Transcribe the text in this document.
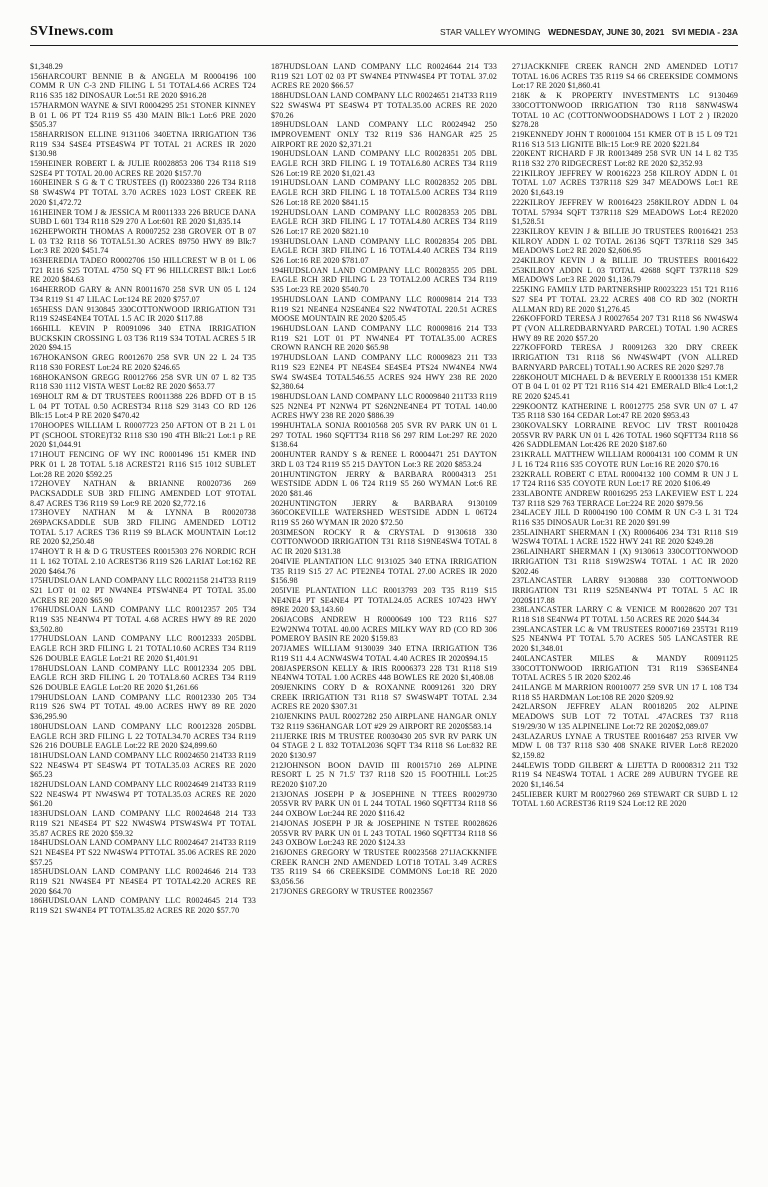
SVInews.com	STAR VALLEY WYOMING WEDNESDAY, JUNE 30, 2021 SVI MEDIA - 23A

$1,348.29

156HARCOURT BENNIE B & ANGELA M R0004196 100 COMM R UN C-3 2ND FILING L 51 TOTAL4.66 ACRES T24 R116 S35 182 DINOSAUR Lot:51 RE 2020 $916.28

157HARMON WAYNE & SIVI R0004295 251 STONER KINNEY B 01 L 06 PT T24 R119 S5 430 MAIN Blk:1 Lot:6 PRE 2020 $505.37

158HARRISON ELLINE 9131106 340ETNA IRRIGATION T36 R119 S34 S4SE4 PTSE4SW4 PT TOTAL 21 ACRES IR 2020 $130.98

159HEINER ROBERT L & JULIE R0028853 206 T34 R118 S19 S2SE4 PT TOTAL 20.00 ACRES RE 2020 $157.70

160HEINER S G & T C TRUSTEES (I) R0023380 226 T34 R118 S8 SW4SW4 PT TOTAL 3.70 ACRES 1023 LOST CREEK RE 2020 $1,472.72

161HEINER TOM J & JESSICA M R0011333 226 BRUCE DANA SUBD L 601 T34 R118 S29 270 A Lot:601 RE 2020 $1,835.14

162HEPWORTH THOMAS A R0007252 238 GROVER OT B 07 L 03 T32 R118 S6 TOTAL51.30 ACRES 89750 HWY 89 Blk:7 Lot:3 RE 2020 $451.74

163HEREDIA TADEO R0002706 150 HILLCREST W B 01 L 06 T21 R116 S25 TOTAL 4750 SQ FT 96 HILLCREST Blk:1 Lot:6 RE 2020 $84.63

164HERROD GARY & ANN R0011670 258 SVR UN 05 L 124 T34 R119 S1 47 LILAC Lot:124 RE 2020 $757.07

165HESS DAN 9130845 330COTTONWOOD IRRIGATION T31 R119 S24SE4NE4 TOTAL 1.5 AC IR 2020 $117.88

166HILL KEVIN P R0091096 340 ETNA IRRIGATION BUCKSKIN CROSSING L 03 T36 R119 S34 TOTAL ACRES 5 IR 2020 $94.15

167HOKANSON GREG R0012670 258 SVR UN 22 L 24 T35 R118 S30 FOREST Lot:24 RE 2020 $246.65

168HOKANSON GREGG R0012766 258 SVR UN 07 L 82 T35 R118 S30 1112 VISTA WEST Lot:82 RE 2020 $653.77

169HOLT RM & DT TRUSTEES R0011388 226 BDFD OT B 15 L 04 PT TOTAL 0.50 ACREST34 R118 S29 3143 CO RD 126 Blk:15 Lot:4 P RE 2020 $470.42

170HOOPES WILLIAM L R0007723 250 AFTON OT B 21 L 01 PT (SCHOOL STORE)T32 R118 S30 190 4TH Blk:21 Lot:1 p RE 2020 $1,044.91

171HOUT FENCING OF WY INC R0001496 151 KMER IND PRK 01 L 28 TOTAL 5.18 ACREST21 R116 S15 1012 SUBLET Lot:28 RE 2020 $592.25

172HOVEY NATHAN & BRIANNE R0020736 269 PACKSADDLE SUB 3RD FILING AMENDED LOT 9TOTAL 8.47 ACRES T36 R119 S9 Lot:9 RE 2020 $2,772.16

173HOVEY NATHAN M & LYNNA B R0020738 269PACKSADDLE SUB 3RD FILING AMENDED LOT12 TOTAL 5.17 ACRES T36 R119 S9 BLACK MOUNTAIN Lot:12 RE 2020 $2,250.48

174HOYT R H & D G TRUSTEES R0015303 276 NORDIC RCH 11 L 162 TOTAL 2.10 ACREST36 R119 S26 LARIAT Lot:162 RE 2020 $464.76

175HUDSLOAN LAND COMPANY LLC R0021158 214T33 R119 S21 LOT 01 02 PT NW4NE4 PTSW4NE4 PT TOTAL 35.00 ACRES RE 2020 $65.90

176HUDSLOAN LAND COMPANY LLC R0012357 205 T34 R119 S35 NE4NW4 PT TOTAL 4.68 ACRES HWY 89 RE 2020 $3,502.80

177HUDSLOAN LAND COMPANY LLC R0012333 205DBL EAGLE RCH 3RD FILING L 21 TOTAL10.60 ACRES T34 R119 S26 DOUBLE EAGLE Lot:21 RE 2020 $1,401.91

178HUDSLOAN LAND COMPANY LLC R0012334 205 DBL EAGLE RCH 3RD FILING L 20 TOTAL8.60 ACRES T34 R119 S26 DOUBLE EAGLE Lot:20 RE 2020 $1,261.66

179HUDSLOAN LAND COMPANY LLC R0012330 205 T34 R119 S26 SW4 PT TOTAL 49.00 ACRES HWY 89 RE 2020 $36,295.90

180HUDSLOAN LAND COMPANY LLC R0012328 205DBL EAGLE RCH 3RD FILING L 22 TOTAL34.70 ACRES T34 R119 S26 216 DOUBLE EAGLE Lot:22 RE 2020 $24,899.60

181HUDSLOAN LAND COMPANY LLC R0024650 214T33 R119 S22 NE4SW4 PT SE4SW4 PT TOTAL35.03 ACRES RE 2020 $65.23

182HUDSLOAN LAND COMPANY LLC R0024649 214T33 R119 S22 NE4SW4 PT NW4SW4 PT TOTAL35.03 ACRES RE 2020 $61.20

183HUDSLOAN LAND COMPANY LLC R0024648 214 T33 R119 S21 NE4SE4 PT S22 NW4SW4 PTSW4SW4 PT TOTAL 35.87 ACRES RE 2020 $59.32

184HUDSLOAN LAND COMPANY LLC R0024647 214T33 R119 S21 NE4SE4 PT S22 NW4SW4 PTTOTAL 35.06 ACRES RE 2020 $57.25

185HUDSLOAN LAND COMPANY LLC R0024646 214 T33 R119 S21 NW4SE4 PT NE4SE4 PT TOTAL42.20 ACRES RE 2020 $64.70

186HUDSLOAN LAND COMPANY LLC R0024645 214 T33 R119 S21 SW4NE4 PT TOTAL35.82 ACRES RE 2020 $57.70

187HUDSLOAN LAND COMPANY LLC R0024644 214 T33 R119 S21 LOT 02 03 PT SW4NE4 PTNW4SE4 PT TOTAL 37.02 ACRES RE 2020 $66.57

188HUDSLOAN LAND COMPANY LLC R0024651 214T33 R119 S22 SW4SW4 PT SE4SW4 PT TOTAL35.00 ACRES RE 2020 $70.26

189HUDSLOAN LAND COMPANY LLC R0024942 250 IMPROVEMENT ONLY T32 R119 S36 HANGAR #25 25 AIRPORT RE 2020 $2,371.21

190HUDSLOAN LAND COMPANY LLC R0028351 205 DBL EAGLE RCH 3RD FILING L 19 TOTAL6.80 ACRES T34 R119 S26 Lot:19 RE 2020 $1,021.43

191HUDSLOAN LAND COMPANY LLC R0028352 205 DBL EAGLE RCH 3RD FILING L 18 TOTAL5.00 ACRES T34 R119 S26 Lot:18 RE 2020 $841.15

192HUDSLOAN LAND COMPANY LLC R0028353 205 DBL EAGLE RCH 3RD FILING L 17 TOTAL4.80 ACRES T34 R119 S26 Lot:17 RE 2020 $821.10

193HUDSLOAN LAND COMPANY LLC R0028354 205 DBL EAGLE RCH 3RD FILING L 16 TOTAL4.40 ACRES T34 R119 S26 Lot:16 RE 2020 $781.07

194HUDSLOAN LAND COMPANY LLC R0028355 205 DBL EAGLE RCH 3RD FILING L 23 TOTAL2.00 ACRES T34 R119 S35 Lot:23 RE 2020 $540.70

195HUDSLOAN LAND COMPANY LLC R0009814 214 T33 R119 S21 NE4NE4 N2SE4NE4 S22 NW4TOTAL 220.51 ACRES MOOSE MOUNTAIN RE 2020 $205.45

196HUDSLOAN LAND COMPANY LLC R0009816 214 T33 R119 S21 LOT 01 PT NW4NE4 PT TOTAL35.00 ACRES CROWN RANCH RE 2020 $65.98

197HUDSLOAN LAND COMPANY LLC R0009823 211 T33 R119 S23 E2NE4 PT NE4SE4 SE4SE4 PTS24 NW4NE4 NW4 SW4 SW4SE4 TOTAL546.55 ACRES 924 HWY 238 RE 2020 $2,380.64

198HUDSLOAN LAND COMPANY LLC R0009840 211T33 R119 S25 N2NE4 PT N2NW4 PT S26N2NE4NE4 PT TOTAL 140.00 ACRES HWY 238 RE 2020 $886.39

199HUHTALA SONJA R0010568 205 SVR RV PARK UN 01 L 297 TOTAL 1960 SQFTT34 R118 S6 297 RIM Lot:297 RE 2020 $138.64

200HUNTER RANDY S & RENEE L R0004471 251 DAYTON 3RD L 03 T24 R119 S5 215 DAYTON Lot:3 RE 2020 $853.24

201HUNTINGTON JERRY & BARBARA R0004313 251 WESTSIDE ADDN L 06 T24 R119 S5 260 WYMAN Lot:6 RE 2020 $81.46

202HUNTINGTON JERRY & BARBARA 9130109 360COKEVILLE WATERSHED WESTSIDE ADDN L 06T24 R119 S5 260 WYMAN IR 2020 $72.50

203IMESON ROCKY R & CRYSTAL D 9130618 330 COTTONWOOD IRRIGATION T31 R118 S19NE4SW4 TOTAL 8 AC IR 2020 $131.38

204IVIE PLANTATION LLC 9131025 340 ETNA IRRIGATION T35 R119 S15 27 AC PTE2NE4 TOTAL 27.00 ACRES IR 2020 $156.98

205IVIE PLANTATION LLC R0013793 203 T35 R119 S15 NE4NE4 PT SE4NE4 PT TOTAL24.05 ACRES 107423 HWY 89RE 2020 $3,143.60

206JACOBS ANDREW H R0000649 100 T23 R116 S27 E2W2NW4 TOTAL 40.00 ACRES MILKY WAY RD (CO RD 306 POMEROY BASIN RE 2020 $159.83

207JAMES WILLIAM 9130039 340 ETNA IRRIGATION T36 R119 S11 4.4 ACNW4SW4 TOTAL 4.40 ACRES IR 2020$94.15

208JASPERSON KELLY & IRIS R0006373 228 T31 R118 S19 NE4NW4 TOTAL 1.00 ACRES 448 BOWLES RE 2020 $1,408.08

209JENKINS CORY D & ROXANNE R0091261 320 DRY CREEK IRRIGATION T31 R118 S7 SW4SW4PT TOTAL 2.34 ACRES RE 2020 $307.31

210JENKINS PAUL R0027282 250 AIRPLANE HANGAR ONLY T32 R119 S36HANGAR LOT #29 29 AIRPORT RE 2020$583.14

211JERKE IRIS M TRUSTEE R0030430 205 SVR RV PARK UN 04 STAGE 2 L 832 TOTAL2036 SQFT T34 R118 S6 Lot:832 RE 2020 $130.97

212JOHNSON BOON DAVID III R0015710 269 ALPINE RESORT L 25 N 71.5' T37 R118 S20 15 FOOTHILL Lot:25 RE2020 $107.20

213JONAS JOSEPH P & JOSEPHINE N TTEES R0029730 205SVR RV PARK UN 01 L 244 TOTAL 1960 SQFTT34 R118 S6 244 OXBOW Lot:244 RE 2020 $116.42

214JONAS JOSEPH P JR & JOSEPHINE N TSTEE R0028626 205SVR RV PARK UN 01 L 243 TOTAL 1960 SQFTT34 R118 S6 243 OXBOW Lot:243 RE 2020 $124.33

216JONES GREGORY W TRUSTEE R0023568 271JACKKNIFE CREEK RANCH 2ND AMENDED LOT18 TOTAL 3.49 ACRES T35 R119 S4 66 CREEKSIDE COMMONS Lot:18 RE 2020 $3,056.56

217JONES GREGORY W TRUSTEE R0023567

271JACKKNIFE CREEK RANCH 2ND AMENDED LOT17 TOTAL 16.06 ACRES T35 R119 S4 66 CREEKSIDE COMMONS Lot:17 RE 2020 $1,860.41

218K & K PROPERTY INVESTMENTS LC 9130469 330COTTONWOOD IRRIGATION T30 R118 S8NW4SW4 TOTAL 10 AC (COTTONWOODSHADOWS I LOT 2 ) IR2020 $278.28

219KENNEDY JOHN T R0001004 151 KMER OT B 15 L 09 T21 R116 S13 513 LIGNITE Blk:15 Lot:9 RE 2020 $221.84

220KENT RICHARD F JR R0013489 258 SVR UN 14 L 82 T35 R118 S32 270 RIDGECREST Lot:82 RE 2020 $2,352.93

221KILROY JEFFREY W R0016223 258 KILROY ADDN L 01 TOTAL 1.07 ACRES T37R118 S29 347 MEADOWS Lot:1 RE 2020 $1,643.19

222KILROY JEFFREY W R0016423 258KILROY ADDN L 04 TOTAL 57934 SQFT T37R118 S29 MEADOWS Lot:4 RE2020 $1,528.51

223KILROY KEVIN J & BILLIE JO TRUSTEES R0016421 253 KILROY ADDN L 02 TOTAL 26136 SQFT T37R118 S29 345 MEADOWS Lot:2 RE 2020 $2,606.95

224KILROY KEVIN J & BILLIE JO TRUSTEES R0016422 253KILROY ADDN L 03 TOTAL 42688 SQFT T37R118 S29 MEADOWS Lot:3 RE 2020 $1,136.79

225KING FAMILY LTD PARTNERSHIP R0023223 151 T21 R116 S27 SE4 PT TOTAL 23.22 ACRES 408 CO RD 302 (NORTH ALLMAN RD) RE 2020 $1,276.45

226KOFFORD TERESA J R0027654 207 T31 R118 S6 NW4SW4 PT (VON ALLREDBARNYARD PARCEL) TOTAL 1.90 ACRES HWY 89 RE 2020 $57.20

227KOFFORD TERESA J R0091263 320 DRY CREEK IRRIGATION T31 R118 S6 NW4SW4PT (VON ALLRED BARNYARD PARCEL) TOTAL1.90 ACRES RE 2020 $297.78

228KOHOUT MICHAEL D & BEVERLY E R0001338 151 KMER OT B 04 L 01 02 PT T21 R116 S14 421 EMERALD Blk:4 Lot:1,2 RE 2020 $245.41

229KOONTZ KATHERINE L R0012775 258 SVR UN 07 L 47 T35 R118 S30 164 CEDAR Lot:47 RE 2020 $953.43

230KOVALSKY LORRAINE REVOC LIV TRST R0010428 205SVR RV PARK UN 01 L 426 TOTAL 1960 SQFTT34 R118 S6 426 SADDLEMAN Lot:426 RE 2020 $187.60

231KRALL MATTHEW WILLIAM R0004131 100 COMM R UN J L 16 T24 R116 S35 COYOTE RUN Lot:16 RE 2020 $70.16

232KRALL ROBERT C ETAL R0004132 100 COMM R UN J L 17 T24 R116 S35 COYOTE RUN Lot:17 RE 2020 $106.49

233LABONTE ANDREW R0016295 253 LAKEVIEW EST L 224 T37 R118 S29 763 TERRACE Lot:224 RE 2020 $979.56

234LACEY JILL D R0004190 100 COMM R UN C-3 L 31 T24 R116 S35 DINOSAUR Lot:31 RE 2020 $91.99

235LAINHART SHERMAN I (X) R0006406 234 T31 R118 S19 W2SW4 TOTAL 1 ACRE 1522 HWY 241 RE 2020 $249.28

236LAINHART SHERMAN I (X) 9130613 330COTTONWOOD IRRIGATION T31 R118 S19W2SW4 TOTAL 1 AC IR 2020 $202.46

237LANCASTER LARRY 9130888 330 COTTONWOOD IRRIGATION T31 R119 S25NE4NW4 PT TOTAL 5 AC IR 2020$117.88

238LANCASTER LARRY C & VENICE M R0028620 207 T31 R118 S18 SE4NW4 PT TOTAL 1.50 ACRES RE 2020 $44.34

239LANCASTER LC & VM TRUSTEES R0007169 235T31 R119 S25 NE4NW4 PT TOTAL 5.70 ACRES 505 LANCASTER RE 2020 $1,348.01

240LANCASTER MILES & MANDY R0091125 330COTTONWOOD IRRIGATION T31 R119 S36SE4NE4 TOTAL ACRES 5 IR 2020 $202.46

241LANGE M MARRION R0010077 259 SVR UN 17 L 108 T34 R118 S5 HARDMAN Lot:108 RE 2020 $209.92

242LARSON JEFFREY ALAN R0018205 202 ALPINE MEADOWS SUB LOT 72 TOTAL .47ACRES T37 R118 S19/29/30 W 135 ALPINELINE Lot:72 RE 2020$2,089.07

243LAZARUS LYNAE A TRUSTEE R0016487 253 RIVER VW MDW L 08 T37 R118 S30 408 SNAKE RIVER Lot:8 RE2020 $2,159.82

244LEWIS TODD GILBERT & LIJETTA D R0008312 211 T32 R119 S4 NE4SW4 TOTAL 1 ACRE 289 AUBURN TYGEE RE 2020 $1,146.54

245LIEBER KURT M R0027960 269 STEWART CR SUBD L 12 TOTAL 1.60 ACREST36 R119 S24 Lot:12 RE 2020
